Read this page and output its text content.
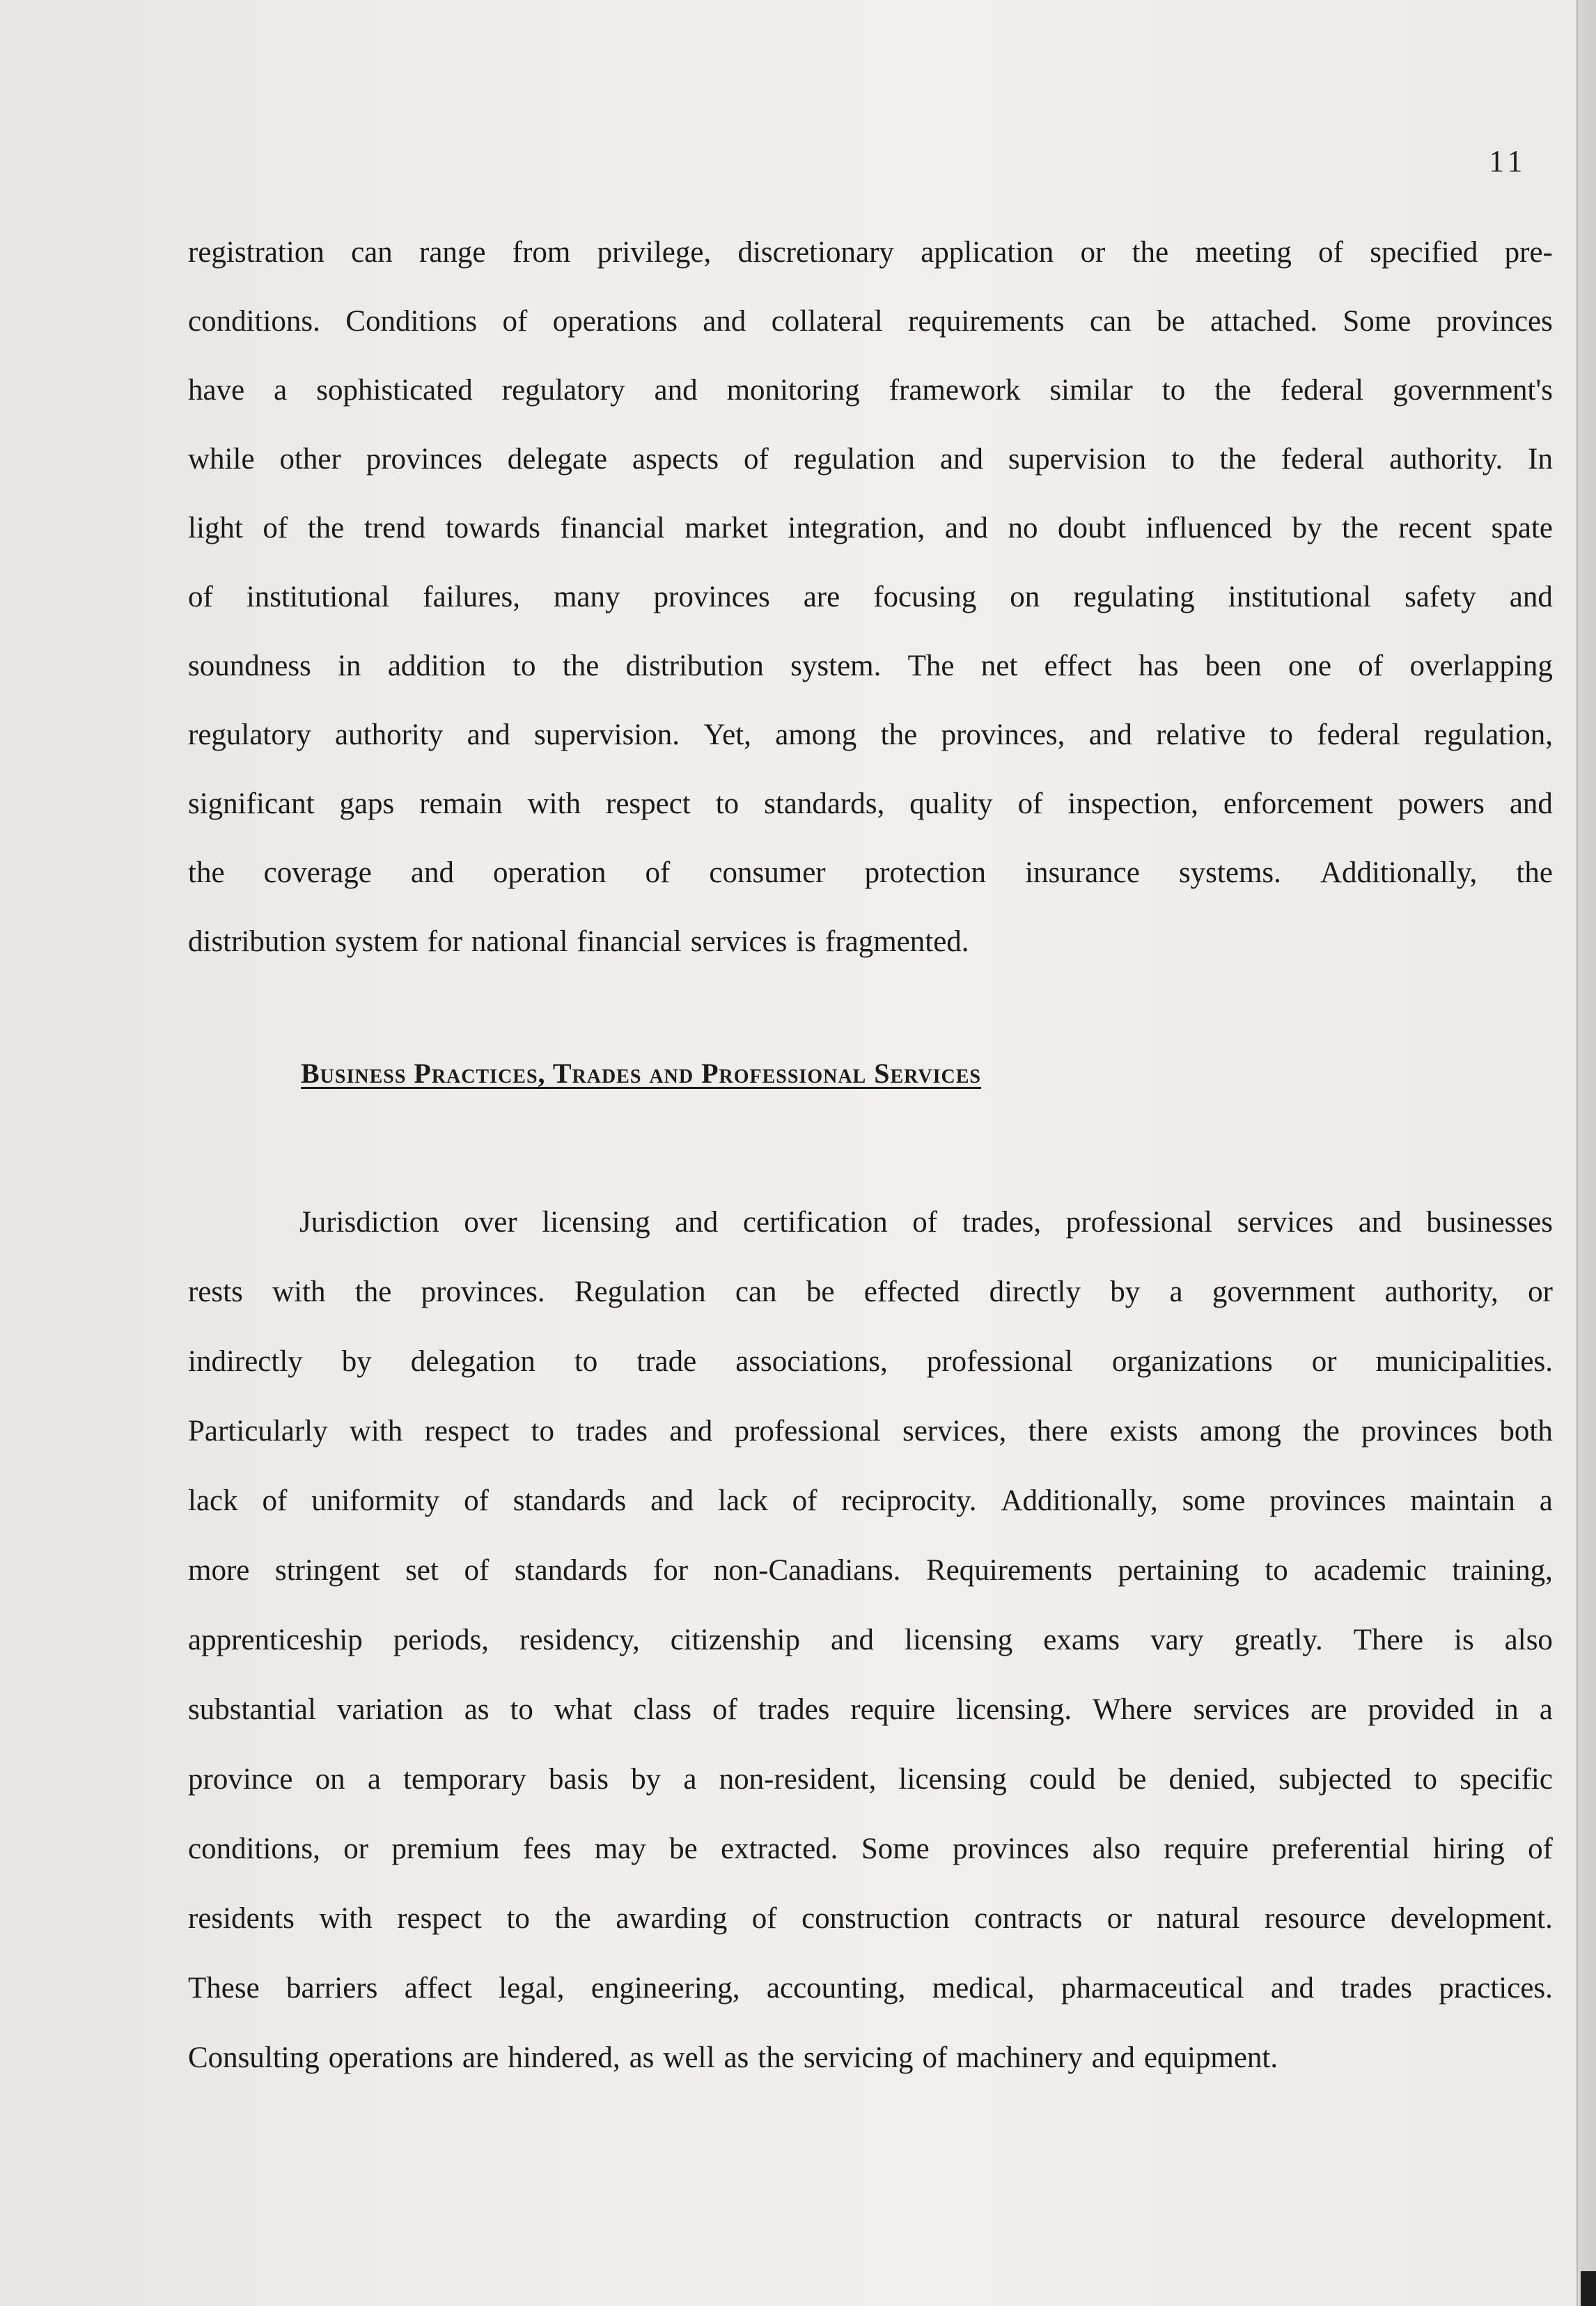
11
registration can range from privilege, discretionary application or the meeting of specified pre-
conditions. Conditions of operations and collateral requirements can be attached. Some provinces
have a sophisticated regulatory and monitoring framework similar to the federal government's
while other provinces delegate aspects of regulation and supervision to the federal authority. In
light of the trend towards financial market integration, and no doubt influenced by the recent spate
of institutional failures, many provinces are focusing on regulating institutional safety and
soundness in addition to the distribution system. The net effect has been one of overlapping
regulatory authority and supervision. Yet, among the provinces, and relative to federal regulation,
significant gaps remain with respect to standards, quality of inspection, enforcement powers and
the coverage and operation of consumer protection insurance systems. Additionally, the
distribution system for national financial services is fragmented.
Business Practices, Trades and Professional Services
Jurisdiction over licensing and certification of trades, professional services and businesses
rests with the provinces. Regulation can be effected directly by a government authority, or
indirectly by delegation to trade associations, professional organizations or municipalities.
Particularly with respect to trades and professional services, there exists among the provinces both
lack of uniformity of standards and lack of reciprocity. Additionally, some provinces maintain a
more stringent set of standards for non-Canadians. Requirements pertaining to academic training,
apprenticeship periods, residency, citizenship and licensing exams vary greatly. There is also
substantial variation as to what class of trades require licensing. Where services are provided in a
province on a temporary basis by a non-resident, licensing could be denied, subjected to specific
conditions, or premium fees may be extracted. Some provinces also require preferential hiring of
residents with respect to the awarding of construction contracts or natural resource development.
These barriers affect legal, engineering, accounting, medical, pharmaceutical and trades practices.
Consulting operations are hindered, as well as the servicing of machinery and equipment.
